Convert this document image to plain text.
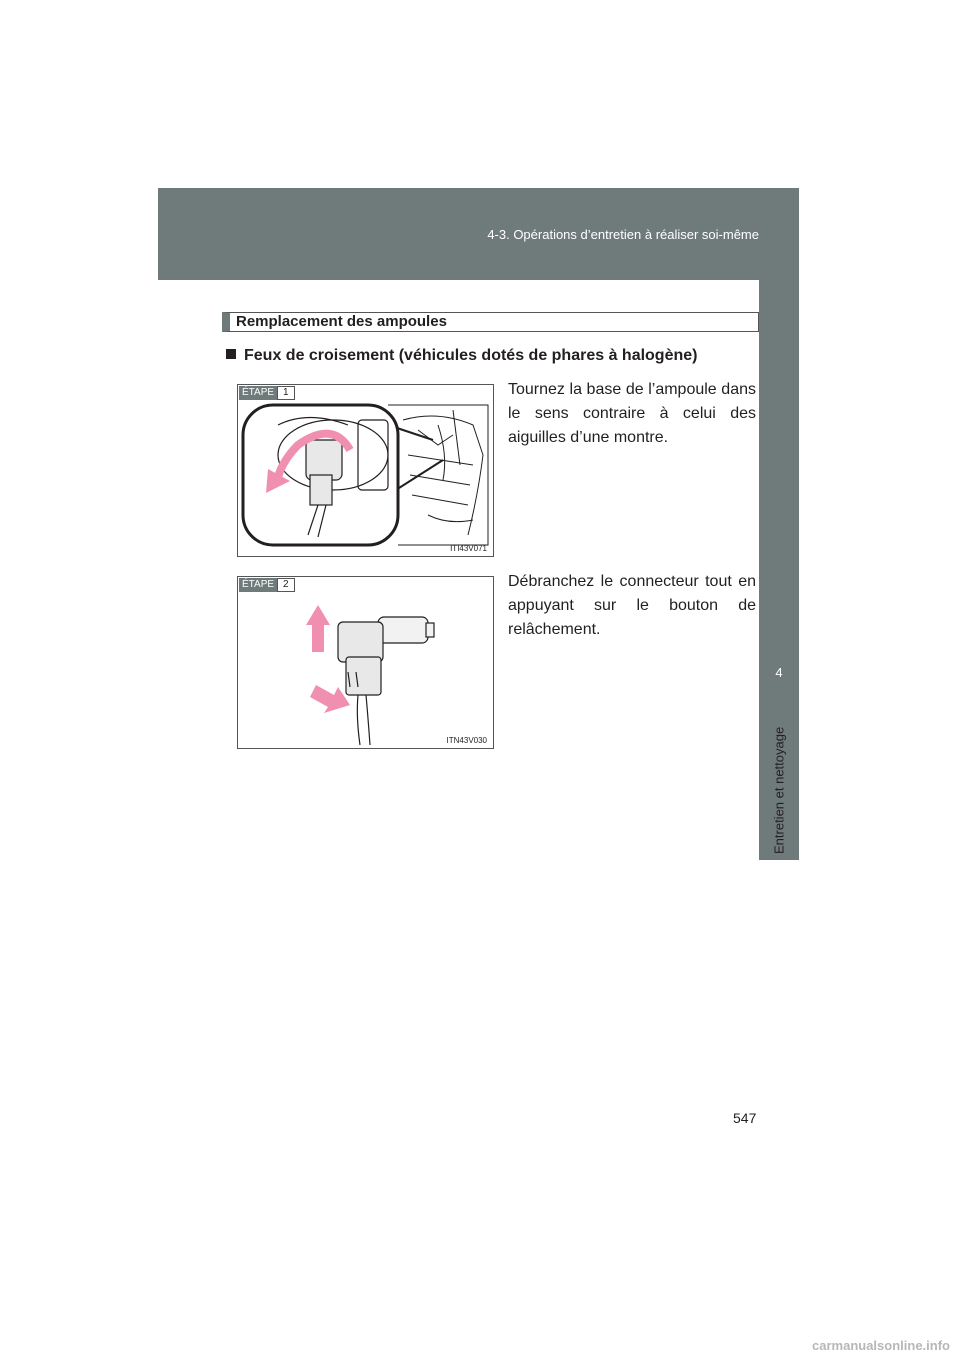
4-3. Opérations d’entretien à réaliser soi-même
4
Entretien et nettoyage
Remplacement des ampoules
Feux de croisement (véhicules dotés de phares à halogène)
ÉTAPE 1
ITI43V071
Tournez la base de l’ampoule dans le sens contraire à celui des aiguilles d’une montre.
ÉTAPE 2
ITN43V030
Débranchez le connecteur tout en appuyant sur le bouton de relâchement.
547
carmanualsonline.info
